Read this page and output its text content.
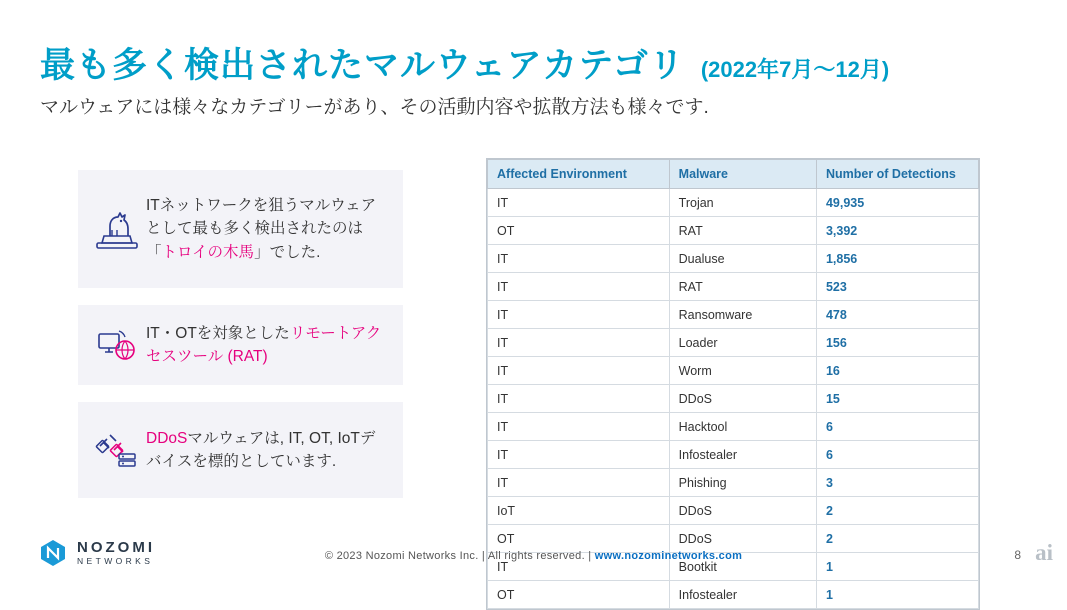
最も多く検出されたマルウェアカテゴリ (2022年7月〜12月)
マルウェアには様々なカテゴリーがあり、その活動内容や拡散方法も様々です.
ITネットワークを狙うマルウェアとして最も多く検出されたのは「トロイの木馬」でした.
IT・OTを対象としたリモートアクセスツール (RAT)
DDoSマルウェアは, IT, OT, IoTデバイスを標的としています.
Affected Environment	Malware	Number of Detections
IT	Trojan	49,935
OT	RAT	3,392
IT	Dualuse	1,856
IT	RAT	523
IT	Ransomware	478
IT	Loader	156
IT	Worm	16
IT	DDoS	15
IT	Hacktool	6
IT	Infostealer	6
IT	Phishing	3
IoT	DDoS	2
OT	DDoS	2
IT	Bootkit	1
OT	Infostealer	1
NOZOMI
NETWORKS	© 2023 Nozomi Networks Inc. | All rights reserved. | www.nozominetworks.com	8 ai
